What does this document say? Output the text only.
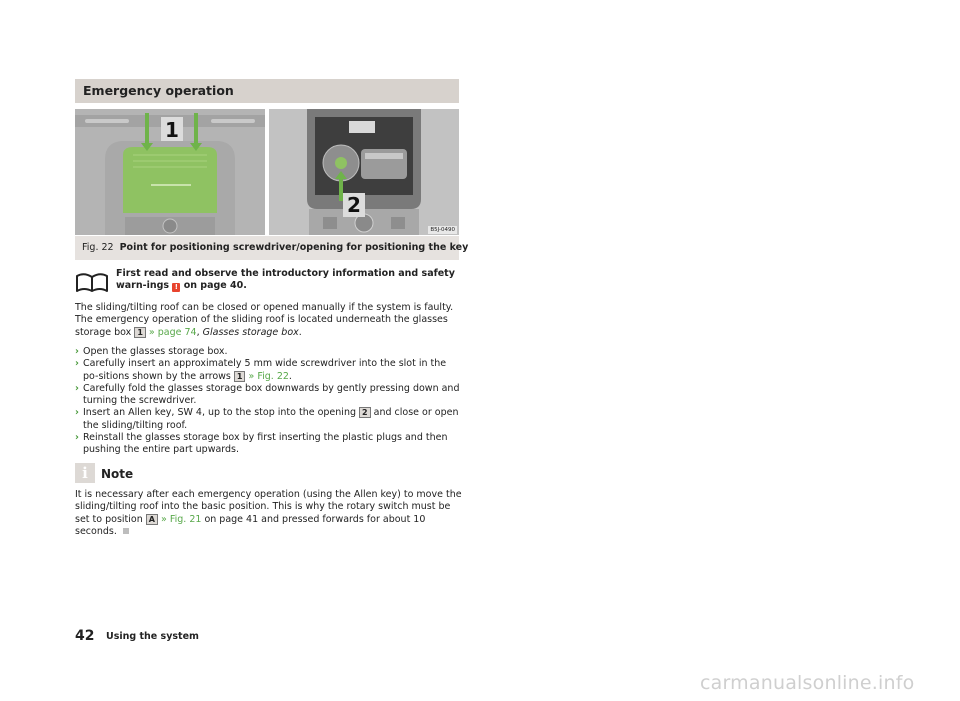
Emergency operation
1
2
B5J-0490
Fig. 22 Point for positioning screwdriver/opening for positioning the key
First read and observe the introductory information and safety warn-ings ! on page 40.
The sliding/tilting roof can be closed or opened manually if the system is faulty. The emergency operation of the sliding roof is located underneath the glasses storage box 1 » page 74, Glasses storage box.
› Open the glasses storage box.
› Carefully insert an approximately 5 mm wide screwdriver into the slot in the po-sitions shown by the arrows 1 » Fig. 22.
› Carefully fold the glasses storage box downwards by gently pressing down and turning the screwdriver.
› Insert an Allen key, SW 4, up to the stop into the opening 2 and close or open the sliding/tilting roof.
› Reinstall the glasses storage box by first inserting the plastic plugs and then pushing the entire part upwards.
i	Note
It is necessary after each emergency operation (using the Allen key) to move the sliding/tilting roof into the basic position. This is why the rotary switch must be set to position A » Fig. 21 on page 41 and pressed forwards for about 10 seconds.
42 Using the system
carmanualsonline.info
